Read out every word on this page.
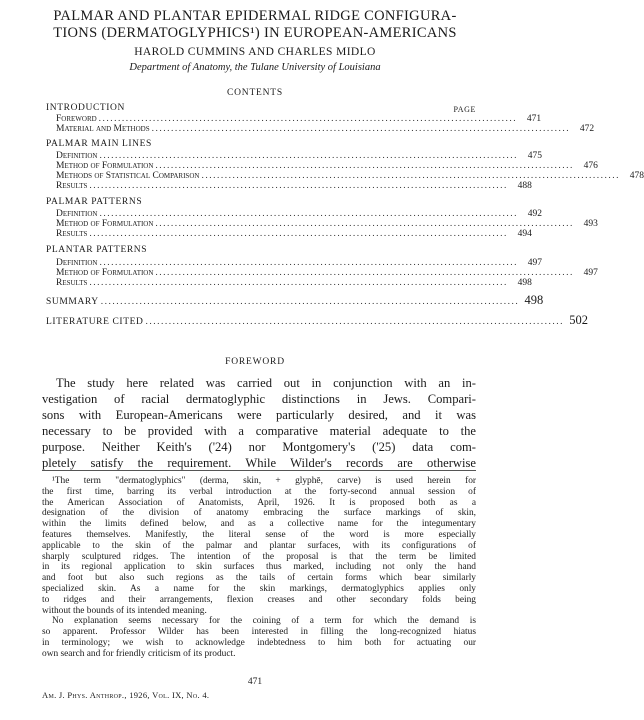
PALMAR AND PLANTAR EPIDERMAL RIDGE CONFIGURA-
TIONS (DERMATOGLYPHICS¹) IN EUROPEAN-AMERICANS
HAROLD CUMMINS AND CHARLES MIDLO
Department of Anatomy, the Tulane University of Louisiana
CONTENTS
INTRODUCTION	PAGE
Foreword ............................................................................................................	471
Material and Methods ............................................................................................................	472
PALMAR MAIN LINES
Definition ............................................................................................................	475
Method of Formulation ............................................................................................................	476
Methods of Statistical Comparison ............................................................................................................	478
Results ............................................................................................................	488
PALMAR PATTERNS
Definition ............................................................................................................	492
Method of Formulation ............................................................................................................	493
Results ............................................................................................................	494
PLANTAR PATTERNS
Definition ............................................................................................................	497
Method of Formulation ............................................................................................................	497
Results ............................................................................................................	498
SUMMARY ............................................................................................................ 498
LITERATURE CITED ............................................................................................................ 502
FOREWORD
The study here related was carried out in conjunction with an in-
vestigation of racial dermatoglyphic distinctions in Jews. Compari-
sons with European-Americans were particularly desired, and it was
necessary to be provided with a comparative material adequate to the
purpose. Neither Keith's ('24) nor Montgomery's ('25) data com-
pletely satisfy the requirement. While Wilder's records are otherwise
¹The term "dermatoglyphics" (derma, skin, + glyphē, carve) is used herein for
the first time, barring its verbal introduction at the forty-second annual session of
the American Association of Anatomists, April, 1926. It is proposed both as a
designation of the division of anatomy embracing the surface markings of skin,
within the limits defined below, and as a collective name for the integumentary
features themselves. Manifestly, the literal sense of the word is more especially
applicable to the skin of the palmar and plantar surfaces, with its configurations of
sharply sculptured ridges. The intention of the proposal is that the term be limited
in its regional application to skin surfaces thus marked, including not only the hand
and foot but also such regions as the tails of certain forms which bear similarly
specialized skin. As a name for the skin markings, dermatoglyphics applies only
to ridges and their arrangements, flexion creases and other secondary folds being
without the bounds of its intended meaning.
No explanation seems necessary for the coining of a term for which the demand is
so apparent. Professor Wilder has been interested in filling the long-recognized hiatus
in terminology; we wish to acknowledge indebtedness to him both for actuating our
own search and for friendly criticism of its product.
471
Am. J. Phys. Anthrop., 1926, Vol. IX, No. 4.
